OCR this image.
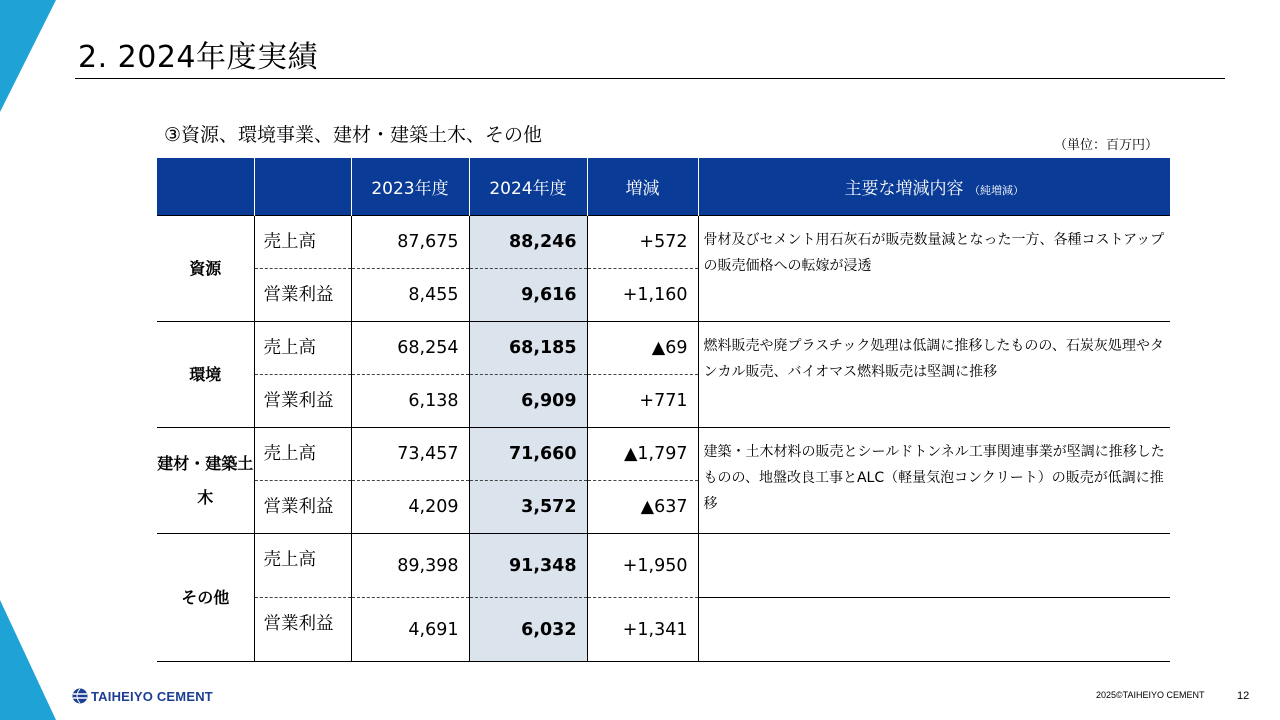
2. 2024年度実績
③資源、環境事業、建材・建築土木、その他	（単位：百万円）
		2023年度	2024年度	増減	主要な増減内容 （純増減）
資源	売上高	87,675	88,246	+572	骨材及びセメント用石灰石が販売数量減となった一方、各種コストアップの販売価格への転嫁が浸透
	営業利益	8,455	9,616	+1,160	
環境	売上高	68,254	68,185	▲69	燃料販売や廃プラスチック処理は低調に推移したものの、石炭灰処理やタンカル販売、バイオマス燃料販売は堅調に推移
	営業利益	6,138	6,909	+771	
建材・建築土木	売上高	73,457	71,660	▲1,797	建築・土木材料の販売とシールドトンネル工事関連事業が堅調に推移したものの、地盤改良工事とALC（軽量気泡コンクリート）の販売が低調に推移
	営業利益	4,209	3,572	▲637	
その他	売上高	89,398	91,348	+1,950	
	営業利益	4,691	6,032	+1,341	
TAIHEIYO CEMENT	2025©TAIHEIYO CEMENT	12
